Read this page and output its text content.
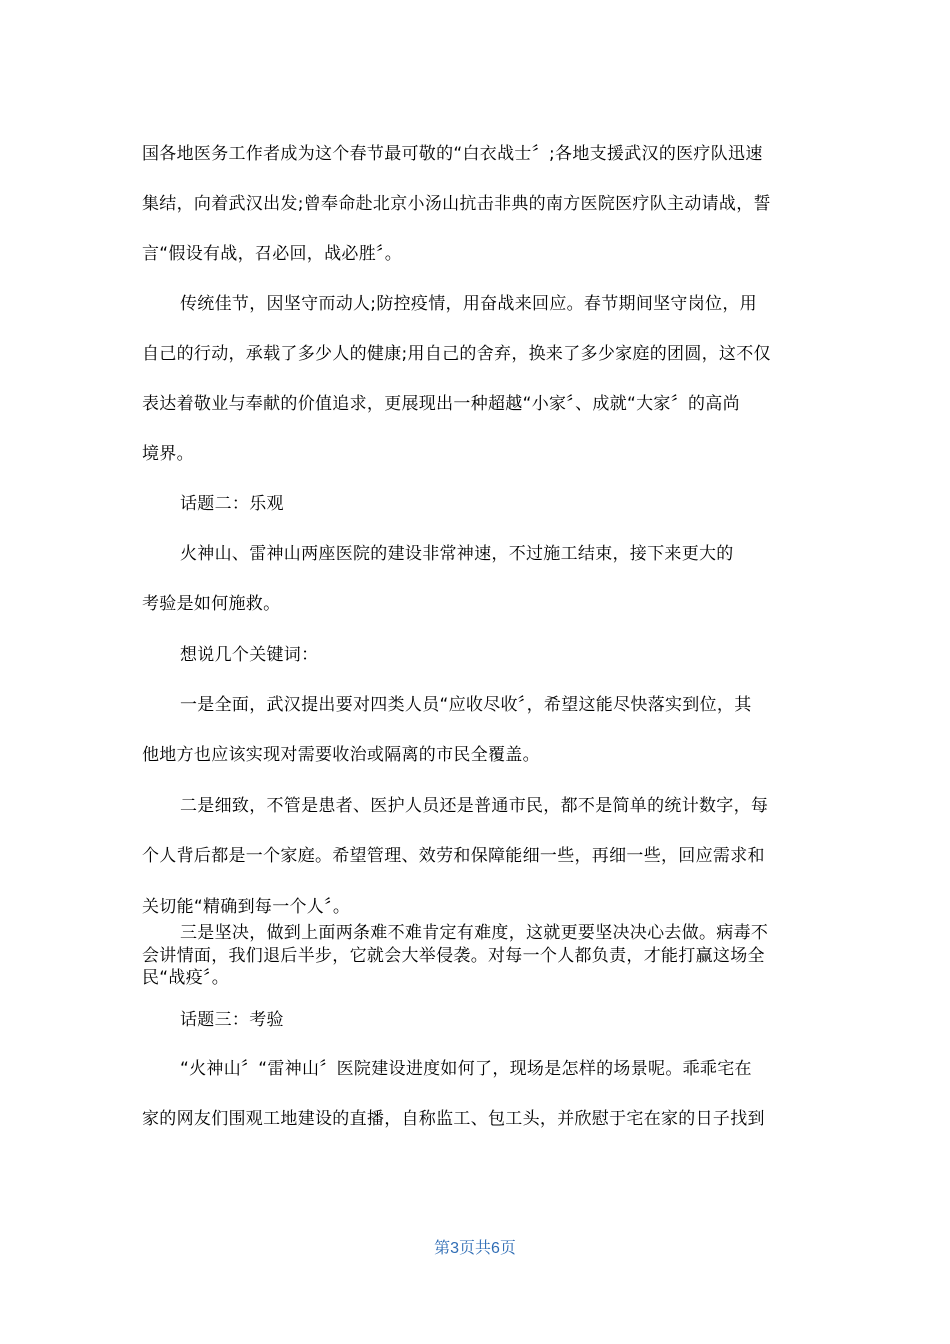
国各地医务工作者成为这个春节最可敬的“白衣战士〞;各地支援武汉的医疗队迅速
集结，向着武汉出发;曾奉命赴北京小汤山抗击非典的南方医院医疗队主动请战，誓
言“假设有战，召必回，战必胜〞。
传统佳节，因坚守而动人;防控疫情，用奋战来回应。春节期间坚守岗位，用
自己的行动，承载了多少人的健康;用自己的舍弃，换来了多少家庭的团圆，这不仅
表达着敬业与奉献的价值追求，更展现出一种超越“小家〞、成就“大家〞的高尚
境界。
话题二：乐观
火神山、雷神山两座医院的建设非常神速，不过施工结束，接下来更大的
考验是如何施救。
想说几个关键词：
一是全面，武汉提出要对四类人员“应收尽收〞，希望这能尽快落实到位，其
他地方也应该实现对需要收治或隔离的市民全覆盖。
二是细致，不管是患者、医护人员还是普通市民，都不是简单的统计数字，每
个人背后都是一个家庭。希望管理、效劳和保障能细一些，再细一些，回应需求和
关切能“精确到每一个人〞。
三是坚决，做到上面两条难不难肯定有难度，这就更要坚决决心去做。病毒不
会讲情面，我们退后半步，它就会大举侵袭。对每一个人都负责，才能打赢这场全
民“战疫〞。
话题三：考验
“火神山〞“雷神山〞医院建设进度如何了，现场是怎样的场景呢。乖乖宅在
家的网友们围观工地建设的直播，自称监工、包工头，并欣慰于宅在家的日子找到
第3页共6页
